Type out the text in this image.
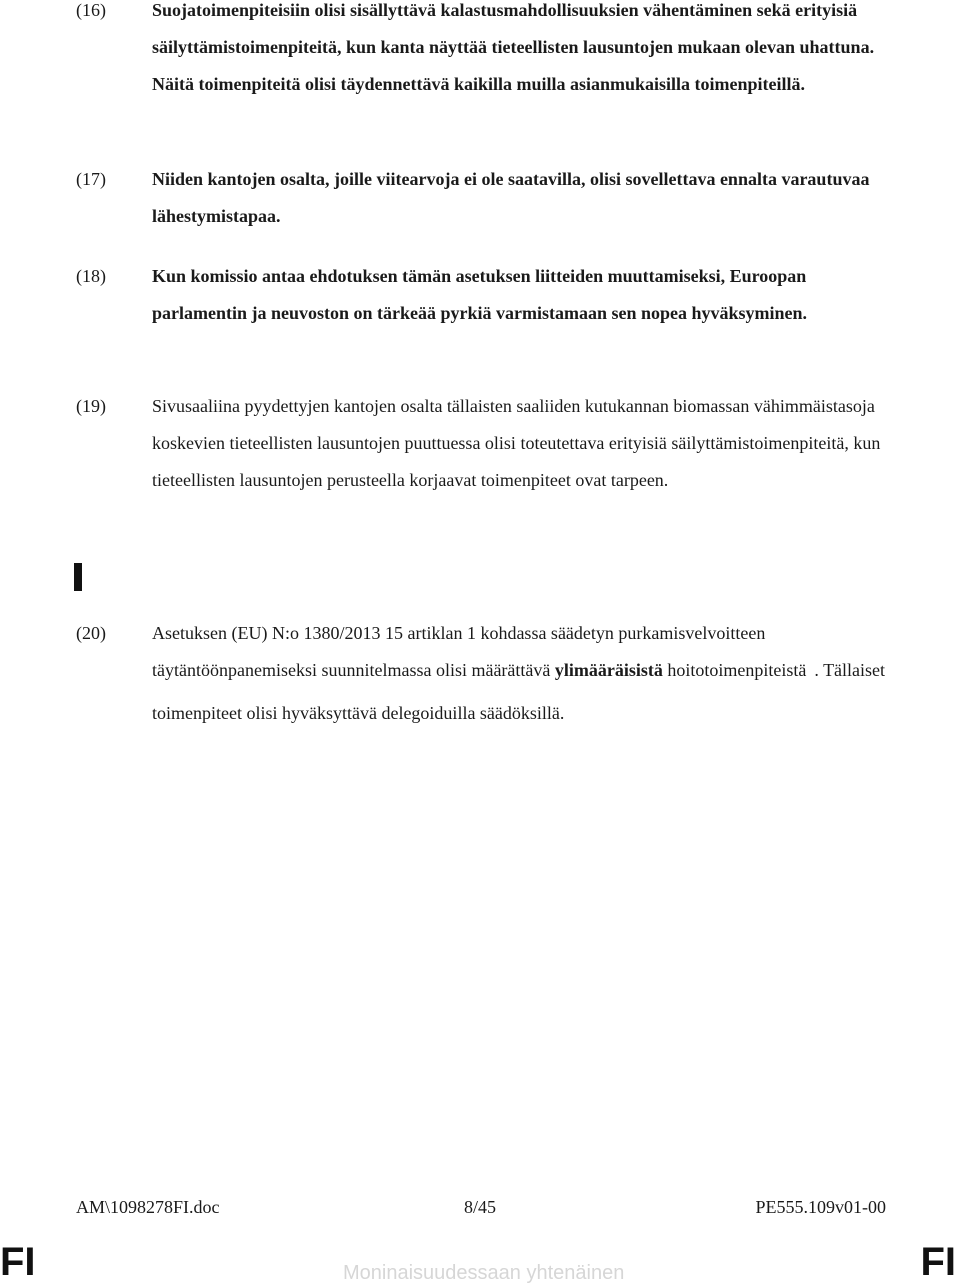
(16)	Suojatoimenpiteisiin olisi sisällyttävä kalastusmahdollisuuksien vähentäminen sekä erityisiä säilyttämistoimenpiteitä, kun kanta näyttää tieteellisten lausuntojen mukaan olevan uhattuna. Näitä toimenpiteitä olisi täydennettävä kaikilla muilla asianmukaisilla toimenpiteillä.
(17)	Niiden kantojen osalta, joille viitearvoja ei ole saatavilla, olisi sovellettava ennalta varautuvaa lähestymistapaa.
(18)	Kun komissio antaa ehdotuksen tämän asetuksen liitteiden muuttamiseksi, Euroopan parlamentin ja neuvoston on tärkeää pyrkiä varmistamaan sen nopea hyväksyminen.
(19)	Sivusaaliina pyydettyjen kantojen osalta tällaisten saaliiden kutukannan biomassan vähimmäistasoja koskevien tieteellisten lausuntojen puuttuessa olisi toteutettava erityisiä säilyttämistoimenpiteitä, kun tieteellisten lausuntojen perusteella korjaavat toimenpiteet ovat tarpeen.
(20)	Asetuksen (EU) N:o 1380/2013 15 artiklan 1 kohdassa säädetyn purkamisvelvoitteen täytäntöönpanemiseksi suunnitelmassa olisi määrättävä ylimääräisistä hoitotoimenpiteistä . Tällaiset toimenpiteet olisi hyväksyttävä delegoiduilla säädöksillä.
AM\1098278FI.doc	8/45	PE555.109v01-00
FI	Moninaisuudessaan yhtenäinen	FI
